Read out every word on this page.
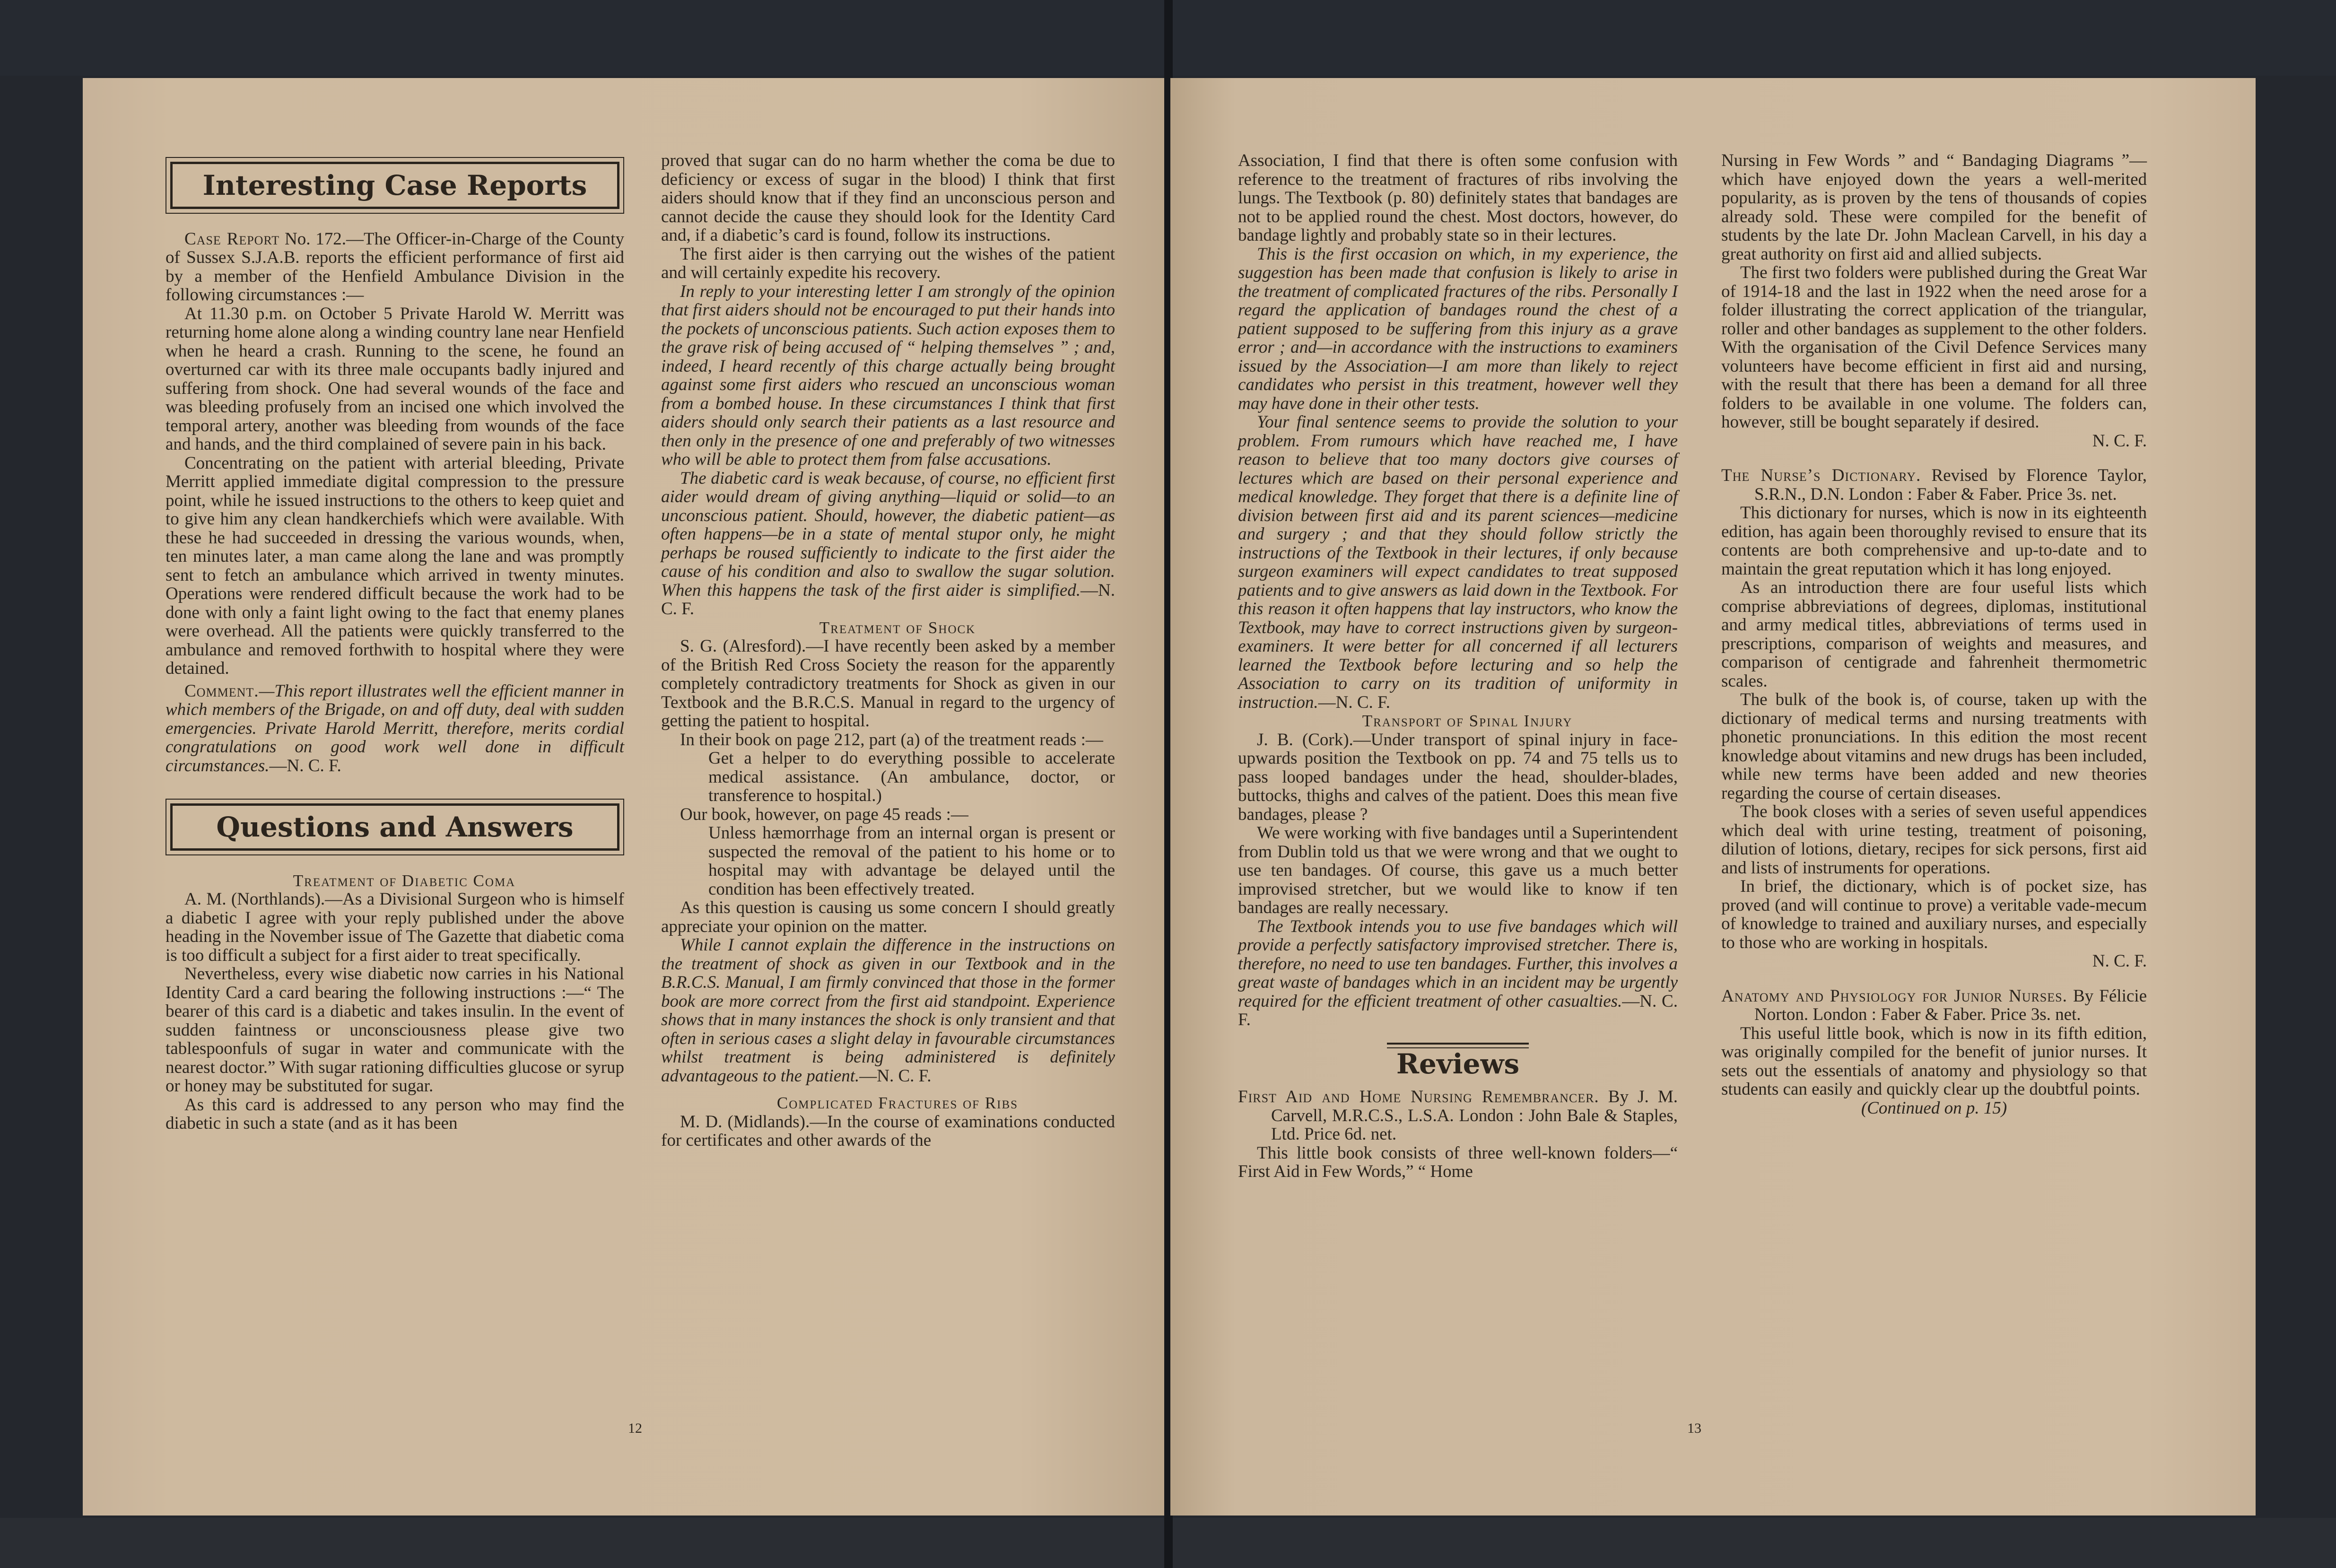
Interesting Case Reports

Case Report No. 172.—The Officer-in-Charge of the County of Sussex S.J.A.B. reports the efficient performance of first aid by a member of the Henfield Ambulance Division in the following circumstances :—

At 11.30 p.m. on October 5 Private Harold W. Merritt was returning home alone along a winding country lane near Henfield when he heard a crash. Running to the scene, he found an overturned car with its three male occupants badly injured and suffering from shock. One had several wounds of the face and was bleeding profusely from an incised one which involved the temporal artery, another was bleeding from wounds of the face and hands, and the third complained of severe pain in his back.

Concentrating on the patient with arterial bleeding, Private Merritt applied immediate digital compression to the pressure point, while he issued instructions to the others to keep quiet and to give him any clean handkerchiefs which were available. With these he had succeeded in dressing the various wounds, when, ten minutes later, a man came along the lane and was promptly sent to fetch an ambulance which arrived in twenty minutes. Operations were rendered difficult because the work had to be done with only a faint light owing to the fact that enemy planes were overhead. All the patients were quickly transferred to the ambulance and removed forthwith to hospital where they were detained.

Comment.—This report illustrates well the efficient manner in which members of the Brigade, on and off duty, deal with sudden emergencies. Private Harold Merritt, therefore, merits cordial congratulations on good work well done in difficult circumstances.—N. C. F.

Questions and Answers

Treatment of Diabetic Coma

A. M. (Northlands).—As a Divisional Surgeon who is himself a diabetic I agree with your reply published under the above heading in the November issue of The Gazette that diabetic coma is too difficult a subject for a first aider to treat specifically.

Nevertheless, every wise diabetic now carries in his National Identity Card a card bearing the following instructions :—“ The bearer of this card is a diabetic and takes insulin. In the event of sudden faintness or unconsciousness please give two tablespoonfuls of sugar in water and communicate with the nearest doctor.” With sugar rationing difficulties glucose or syrup or honey may be substituted for sugar.

As this card is addressed to any person who may find the diabetic in such a state (and as it has been

proved that sugar can do no harm whether the coma be due to deficiency or excess of sugar in the blood) I think that first aiders should know that if they find an unconscious person and cannot decide the cause they should look for the Identity Card and, if a diabetic’s card is found, follow its instructions.

The first aider is then carrying out the wishes of the patient and will certainly expedite his recovery.

In reply to your interesting letter I am strongly of the opinion that first aiders should not be encouraged to put their hands into the pockets of unconscious patients. Such action exposes them to the grave risk of being accused of “ helping themselves ” ; and, indeed, I heard recently of this charge actually being brought against some first aiders who rescued an unconscious woman from a bombed house. In these circumstances I think that first aiders should only search their patients as a last resource and then only in the presence of one and preferably of two witnesses who will be able to protect them from false accusations.

The diabetic card is weak because, of course, no efficient first aider would dream of giving anything—liquid or solid—to an unconscious patient. Should, however, the diabetic patient—as often happens—be in a state of mental stupor only, he might perhaps be roused sufficiently to indicate to the first aider the cause of his condition and also to swallow the sugar solution. When this happens the task of the first aider is simplified.—N. C. F.

Treatment of Shock

S. G. (Alresford).—I have recently been asked by a member of the British Red Cross Society the reason for the apparently completely contradictory treatments for Shock as given in our Textbook and the B.R.C.S. Manual in regard to the urgency of getting the patient to hospital.

In their book on page 212, part (a) of the treatment reads :—

Get a helper to do everything possible to accelerate medical assistance. (An ambulance, doctor, or transference to hospital.)

Our book, however, on page 45 reads :—

Unless hæmorrhage from an internal organ is present or suspected the removal of the patient to his home or to hospital may with advantage be delayed until the condition has been effectively treated.

As this question is causing us some concern I should greatly appreciate your opinion on the matter.

While I cannot explain the difference in the instructions on the treatment of shock as given in our Textbook and in the B.R.C.S. Manual, I am firmly convinced that those in the former book are more correct from the first aid standpoint. Experience shows that in many instances the shock is only transient and that often in serious cases a slight delay in favourable circumstances whilst treatment is being administered is definitely advantageous to the patient.—N. C. F.

Complicated Fractures of Ribs

M. D. (Midlands).—In the course of examinations conducted for certificates and other awards of the

12

Association, I find that there is often some confusion with reference to the treatment of fractures of ribs involving the lungs. The Textbook (p. 80) definitely states that bandages are not to be applied round the chest. Most doctors, however, do bandage lightly and probably state so in their lectures.

This is the first occasion on which, in my experience, the suggestion has been made that confusion is likely to arise in the treatment of complicated fractures of the ribs. Personally I regard the application of bandages round the chest of a patient supposed to be suffering from this injury as a grave error ; and—in accordance with the instructions to examiners issued by the Association—I am more than likely to reject candidates who persist in this treatment, however well they may have done in their other tests.

Your final sentence seems to provide the solution to your problem. From rumours which have reached me, I have reason to believe that too many doctors give courses of lectures which are based on their personal experience and medical knowledge. They forget that there is a definite line of division between first aid and its parent sciences—medicine and surgery ; and that they should follow strictly the instructions of the Textbook in their lectures, if only because surgeon examiners will expect candidates to treat supposed patients and to give answers as laid down in the Textbook. For this reason it often happens that lay instructors, who know the Textbook, may have to correct instructions given by surgeon-examiners. It were better for all concerned if all lecturers learned the Textbook before lecturing and so help the Association to carry on its tradition of uniformity in instruction.—N. C. F.

Transport of Spinal Injury

J. B. (Cork).—Under transport of spinal injury in face-upwards position the Textbook on pp. 74 and 75 tells us to pass looped bandages under the head, shoulder-blades, buttocks, thighs and calves of the patient. Does this mean five bandages, please ?

We were working with five bandages until a Superintendent from Dublin told us that we were wrong and that we ought to use ten bandages. Of course, this gave us a much better improvised stretcher, but we would like to know if ten bandages are really necessary.

The Textbook intends you to use five bandages which will provide a perfectly satisfactory improvised stretcher. There is, therefore, no need to use ten bandages. Further, this involves a great waste of bandages which in an incident may be urgently required for the efficient treatment of other casualties.—N. C. F.

Reviews

First Aid and Home Nursing Remembrancer. By J. M. Carvell, M.R.C.S., L.S.A. London : John Bale & Staples, Ltd. Price 6d. net.

This little book consists of three well-known folders—“ First Aid in Few Words,” “ Home

Nursing in Few Words ” and “ Bandaging Diagrams ”—which have enjoyed down the years a well-merited popularity, as is proven by the tens of thousands of copies already sold. These were compiled for the benefit of students by the late Dr. John Maclean Carvell, in his day a great authority on first aid and allied subjects.

The first two folders were published during the Great War of 1914-18 and the last in 1922 when the need arose for a folder illustrating the correct application of the triangular, roller and other bandages as supplement to the other folders. With the organisation of the Civil Defence Services many volunteers have become efficient in first aid and nursing, with the result that there has been a demand for all three folders to be available in one volume. The folders can, however, still be bought separately if desired.

N. C. F.

The Nurse’s Dictionary. Revised by Florence Taylor, S.R.N., D.N. London : Faber & Faber. Price 3s. net.

This dictionary for nurses, which is now in its eighteenth edition, has again been thoroughly revised to ensure that its contents are both comprehensive and up-to-date and to maintain the great reputation which it has long enjoyed.

As an introduction there are four useful lists which comprise abbreviations of degrees, diplomas, institutional and army medical titles, abbreviations of terms used in prescriptions, comparison of weights and measures, and comparison of centigrade and fahrenheit thermometric scales.

The bulk of the book is, of course, taken up with the dictionary of medical terms and nursing treatments with phonetic pronunciations. In this edition the most recent knowledge about vitamins and new drugs has been included, while new terms have been added and new theories regarding the course of certain diseases.

The book closes with a series of seven useful appendices which deal with urine testing, treatment of poisoning, dilution of lotions, dietary, recipes for sick persons, first aid and lists of instruments for operations.

In brief, the dictionary, which is of pocket size, has proved (and will continue to prove) a veritable vade-mecum of knowledge to trained and auxiliary nurses, and especially to those who are working in hospitals.

N. C. F.

Anatomy and Physiology for Junior Nurses. By Félicie Norton. London : Faber & Faber. Price 3s. net.

This useful little book, which is now in its fifth edition, was originally compiled for the benefit of junior nurses. It sets out the essentials of anatomy and physiology so that students can easily and quickly clear up the doubtful points.

(Continued on p. 15)

13
